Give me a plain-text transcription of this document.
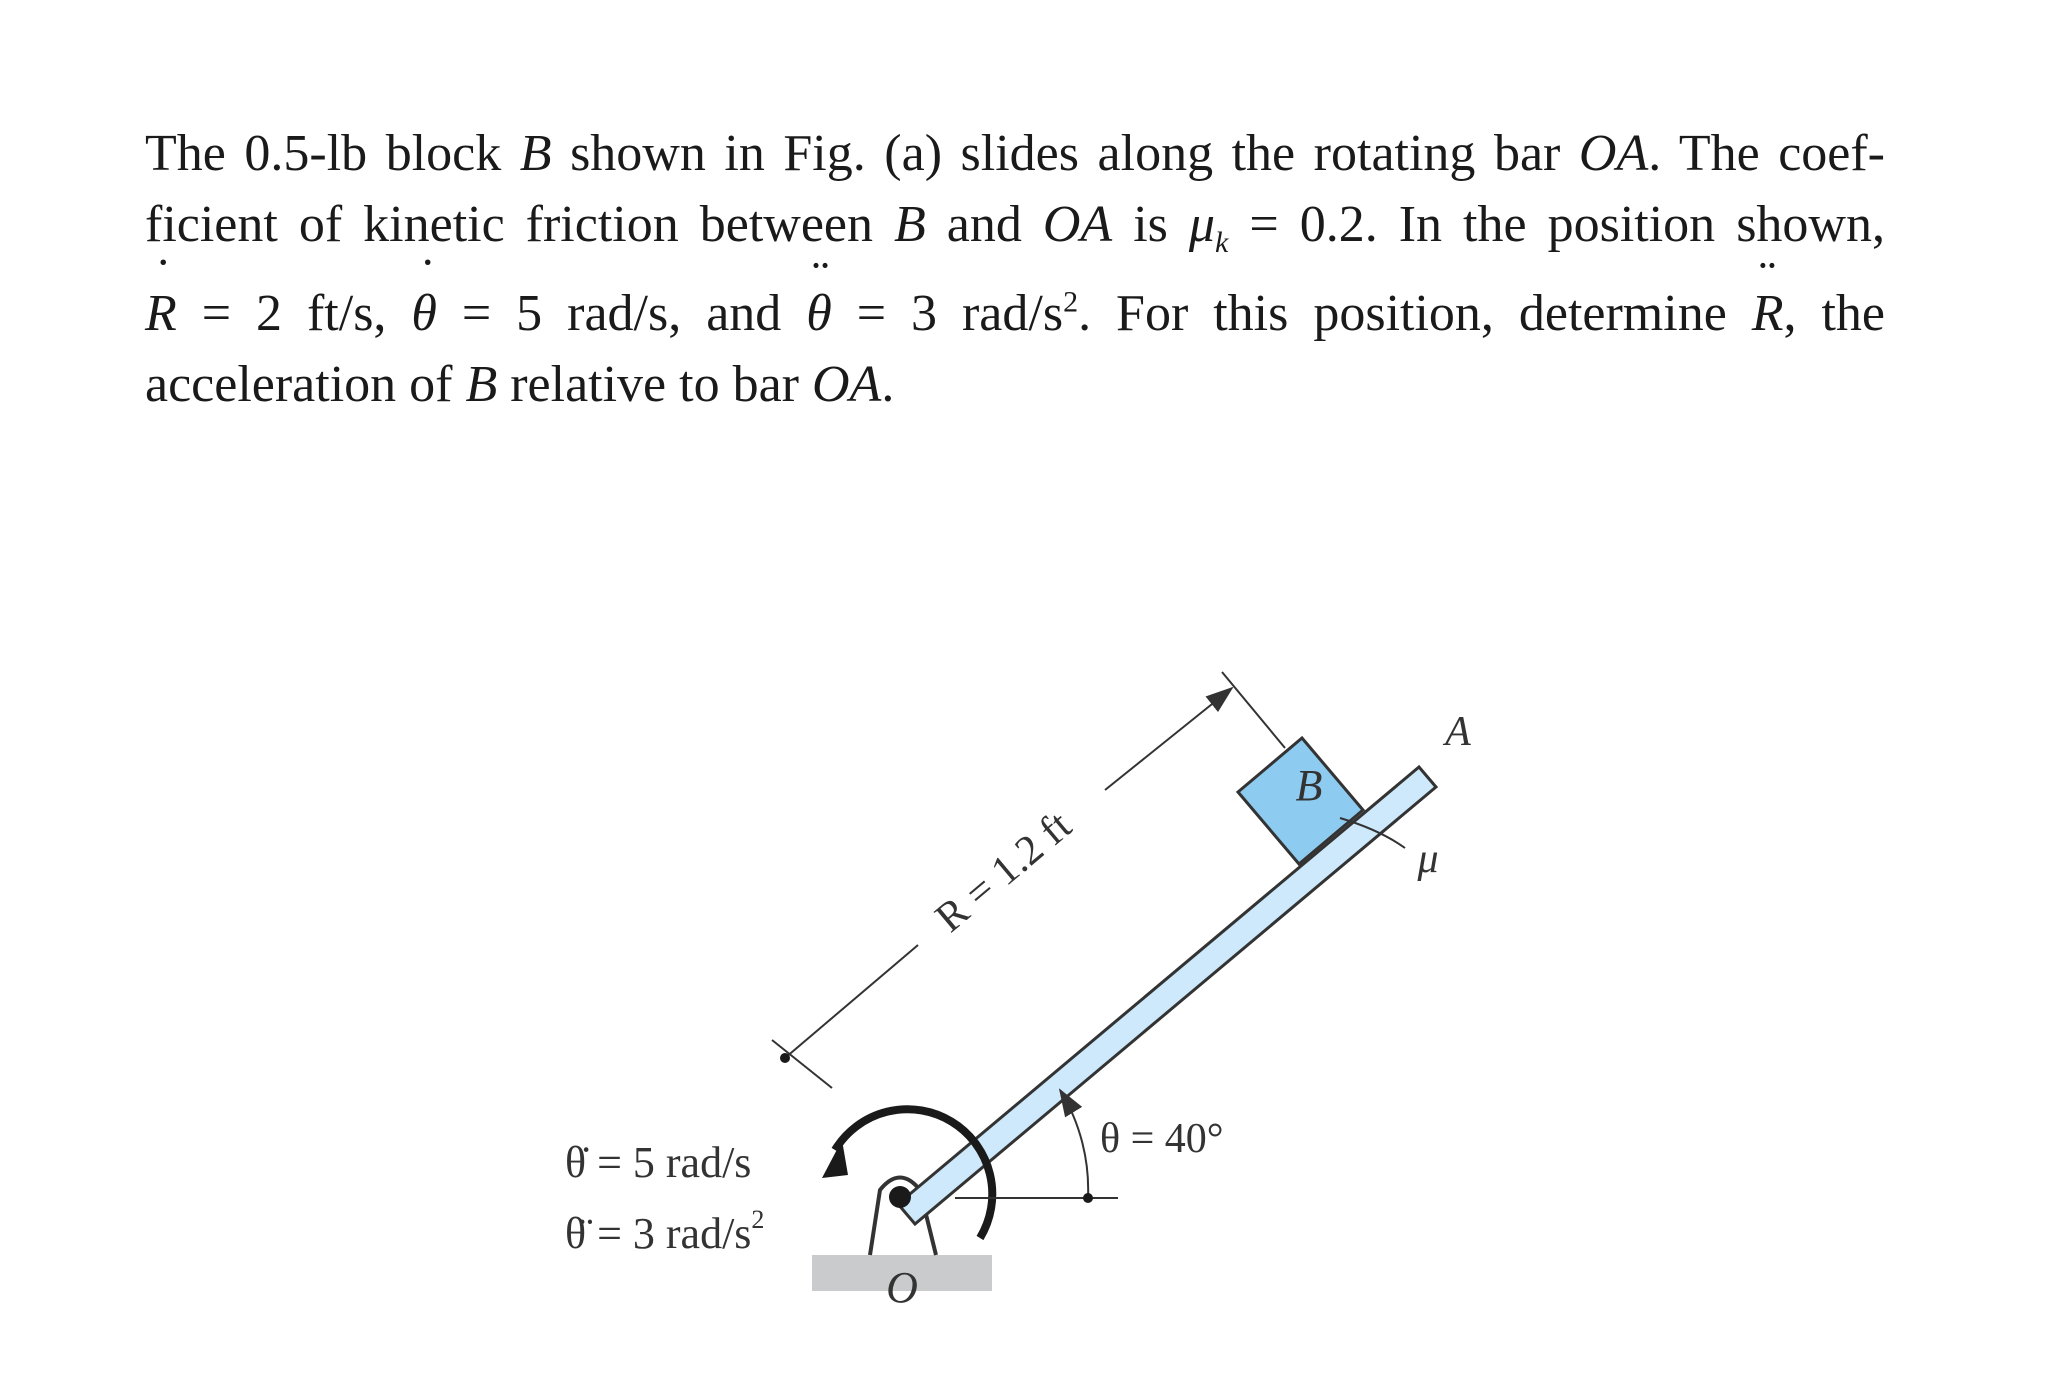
The 0.5-lb block B shown in Fig. (a) slides along the rotating bar OA. The coef-
ficient of kinetic friction between B and OA is $\mu_k = 0.2$. In the position shown,
˙ R = 2 ft/s, ˙ θ = 5 rad/s, and ¨ θ = 3 rad/$s^2$. For this position, determine ¨ R, the
acceleration of B relative to bar OA.
B
R = 1.2 ft
A
μ
θ = 40°
θ̇ = 5 rad/s
θ̈ = 3 rad/$s^2$
O
